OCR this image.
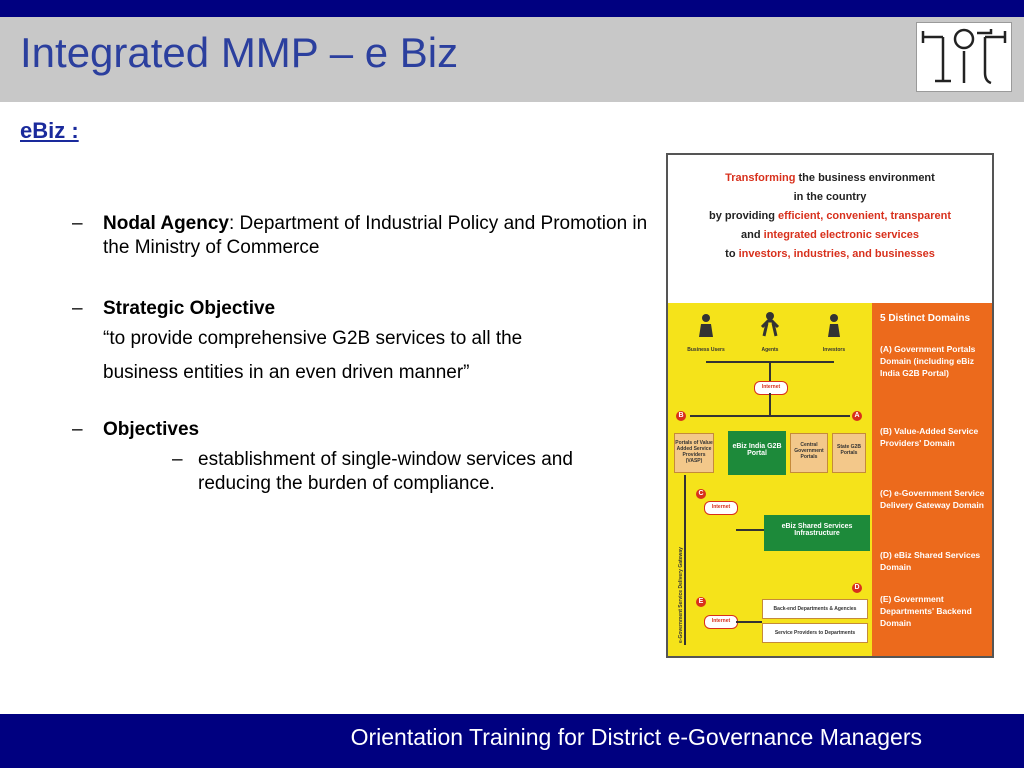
Integrated MMP – e Biz
eBiz :
– Nodal Agency: Department of Industrial Policy and Promotion in the Ministry of Commerce
– Strategic Objective
“to provide comprehensive G2B services to all the
business entities in an even driven manner”
– Objectives
– establishment of single-window services and reducing the burden of compliance.
Transforming the business environment
in the country
by providing efficient, convenient, transparent
and integrated electronic services
to investors, industries, and businesses
Business Users	Agents	Investors
Internet
B	A
Portals of Value Added Service Providers (VASP)
eBiz India G2B Portal
Central Government Portals
State G2B Portals
C
Internet
eBiz Shared Services Infrastructure
D
E
Internet
Back-end Departments & Agencies
Service Providers to Departments
e-Government Service Delivery Gateway
5 Distinct Domains
(A) Government Portals Domain (including eBiz India G2B Portal)
(B) Value-Added Service Providers' Domain
(C) e-Government Service Delivery Gateway Domain
(D) eBiz Shared Services Domain
(E) Government Departments' Backend Domain
Orientation Training for District e-Governance Managers
